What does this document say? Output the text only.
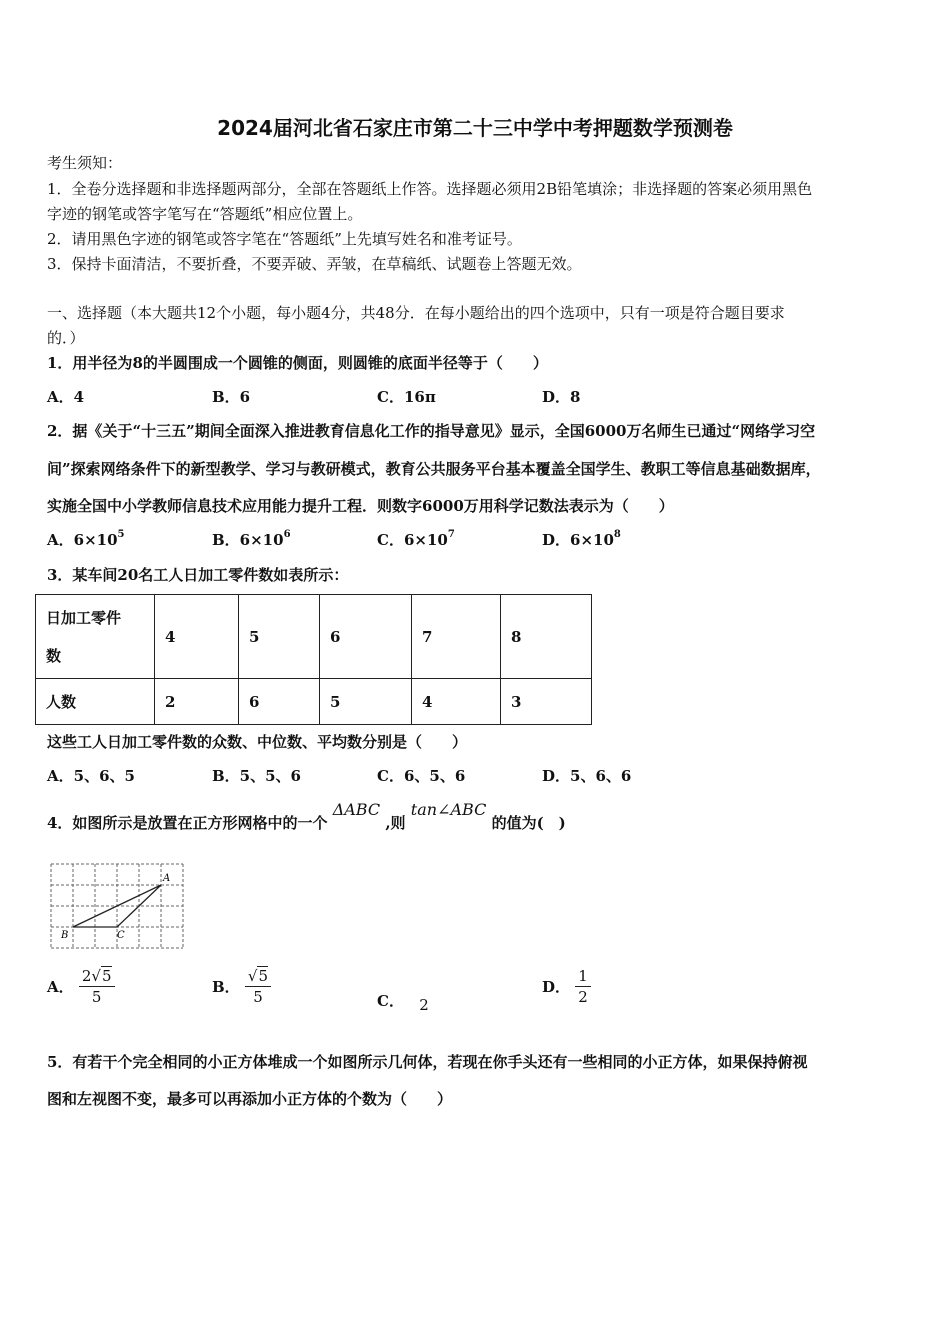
2024届河北省石家庄市第二十三中学中考押题数学预测卷
考生须知：
1．全卷分选择题和非选择题两部分，全部在答题纸上作答。选择题必须用2B铅笔填涂；非选择题的答案必须用黑色
字迹的钢笔或答字笔写在“答题纸”相应位置上。
2．请用黑色字迹的钢笔或答字笔在“答题纸”上先填写姓名和准考证号。
3．保持卡面清洁，不要折叠，不要弄破、弄皱，在草稿纸、试题卷上答题无效。
一、选择题（本大题共12个小题，每小题4分，共48分．在每小题给出的四个选项中，只有一项是符合题目要求
的．）
1．用半径为8的半圆围成一个圆锥的侧面，则圆锥的底面半径等于（　　）
A．4	B．6	C．16π	D．8
2．据《关于“十三五”期间全面深入推进教育信息化工作的指导意见》显示，全国6000万名师生已通过“网络学习空
间”探索网络条件下的新型教学、学习与教研模式，教育公共服务平台基本覆盖全国学生、教职工等信息基础数据库，
实施全国中小学教师信息技术应用能力提升工程．则数字6000万用科学记数法表示为（　　）
A．$6\times 10^5$	B．$6\times 10^6$	C．$6\times 10^7$	D．$6\times 10^8$
3．某车间20名工人日加工零件数如表所示：
日加工零件
数	4	5	6	7	8
人数	2	6	5	4	3
这些工人日加工零件数的众数、中位数、平均数分别是（　　）
A．5、6、5	B．5、5、6	C．6、5、6	D．5、6、6
4．如图所示是放置在正方形网格中的一个 ΔABC ,则 tan∠ABC 的值为(　)
A
B	C
A． $\frac{2√5}{5}$	B． $\frac{√5}{5}$	C． 2
D． $\frac{1}{2}$
5．有若干个完全相同的小正方体堆成一个如图所示几何体，若现在你手头还有一些相同的小正方体，如果保持俯视
图和左视图不变，最多可以再添加小正方体的个数为（　　）
